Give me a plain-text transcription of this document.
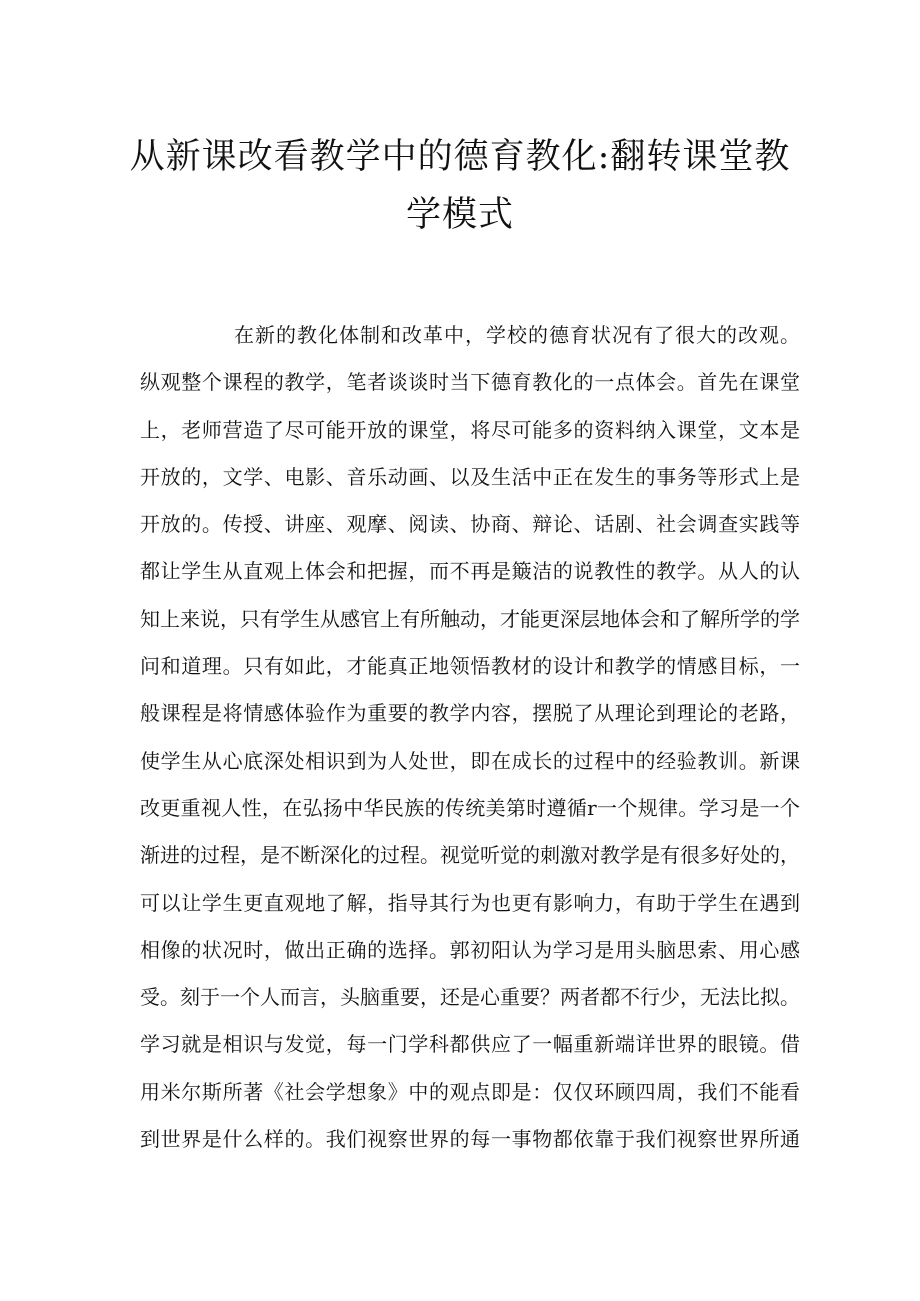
从新课改看教学中的德育教化:翻转课堂教
学模式
在新的教化体制和改革中，学校的德育状况有了很大的改观。
纵观整个课程的教学，笔者谈谈时当下德育教化的一点体会。首先在课堂
上，老师营造了尽可能开放的课堂，将尽可能多的资料纳入课堂，文本是
开放的，文学、电影、音乐动画、以及生活中正在发生的事务等形式上是
开放的。传授、讲座、观摩、阅读、协商、辩论、话剧、社会调查实践等
都让学生从直观上体会和把握，而不再是簸洁的说教性的教学。从人的认
知上来说，只有学生从感官上有所触动，才能更深层地体会和了解所学的学
问和道理。只有如此，才能真正地领悟教材的设计和教学的情感目标，一
般课程是将情感体验作为重要的教学内容，摆脱了从理论到理论的老路，
使学生从心底深处相识到为人处世，即在成长的过程中的经验教训。新课
改更重视人性，在弘扬中华民族的传统美第时遵循r一个规律。学习是一个
渐进的过程，是不断深化的过程。视觉听觉的刺激对教学是有很多好处的，
可以让学生更直观地了解，指导其行为也更有影响力，有助于学生在遇到
相像的状况时，做出正确的选择。郭初阳认为学习是用头脑思索、用心感
受。刻于一个人而言，头脑重要，还是心重要？两者都不行少，无法比拟。
学习就是相识与发觉，每一门学科都供应了一幅重新端详世界的眼镜。借
用米尔斯所著《社会学想象》中的观点即是：仅仅环顾四周，我们不能看
到世界是什么样的。我们视察世界的每一事物都依靠于我们视察世界所通
